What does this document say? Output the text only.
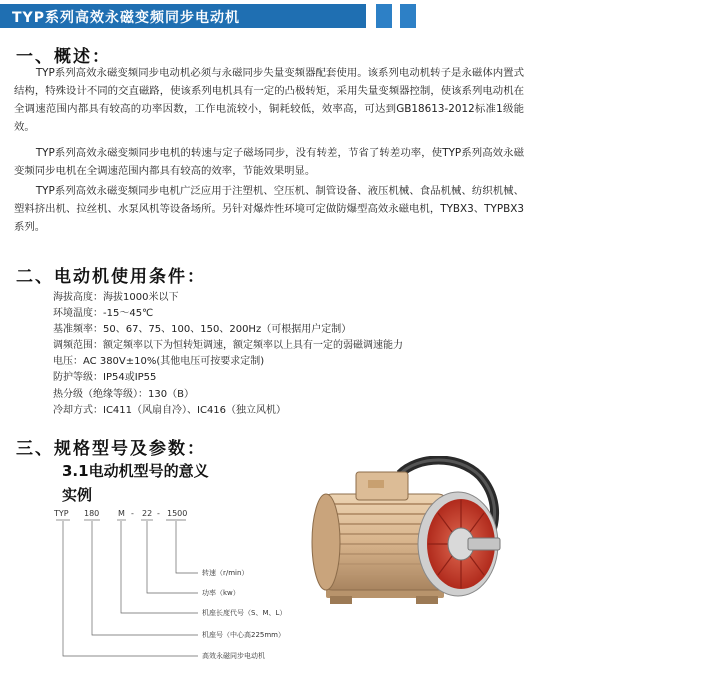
TYP系列高效永磁变频同步电动机
一、概述：
TYP系列高效永磁变频同步电动机必须与永磁同步失量变频器配套使用。该系列电动机转子是永磁体内置式结构，特殊设计不同的交直磁路，使该系列电机具有一定的凸极转矩，采用失量变频器控制，使该系列电动机在全调速范围内都具有较高的功率因数，工作电流较小，铜耗较低，效率高，可达到GB18613-2012标准1级能效。
TYP系列高效永磁变频同步电机的转速与定子磁场同步，没有转差，节省了转差功率，使TYP系列高效永磁变频同步电机在全调速范围内都具有较高的效率，节能效果明显。
TYP系列高效永磁变频同步电机广泛应用于注塑机、空压机、制管设备、液压机械、食品机械、纺织机械、塑料挤出机、拉丝机、水泵风机等设备场所。另针对爆炸性环境可定做防爆型高效永磁电机，TYBX3、TYPBX3系列。
二、电动机使用条件：
海拔高度：海拔1000米以下
环境温度：-15～45℃
基准频率：50、67、75、100、150、200Hz（可根据用户定制）
调频范围：额定频率以下为恒转矩调速，额定频率以上具有一定的弱磁调速能力
电压：AC 380V±10%(其他电压可按要求定制)
防护等级：IP54或IP55
热分级（绝缘等级）：130（B）
冷却方式：IC411（风扇自冷）、IC416（独立风机）
三、规格型号及参数：
3.1电动机型号的意义
实例
TYP 180 M - 22 - 1500
转速（r/min）
功率（kw）
机座长度代号（S、M、L）
机座号（中心高225mm）
高效永磁同步电动机
